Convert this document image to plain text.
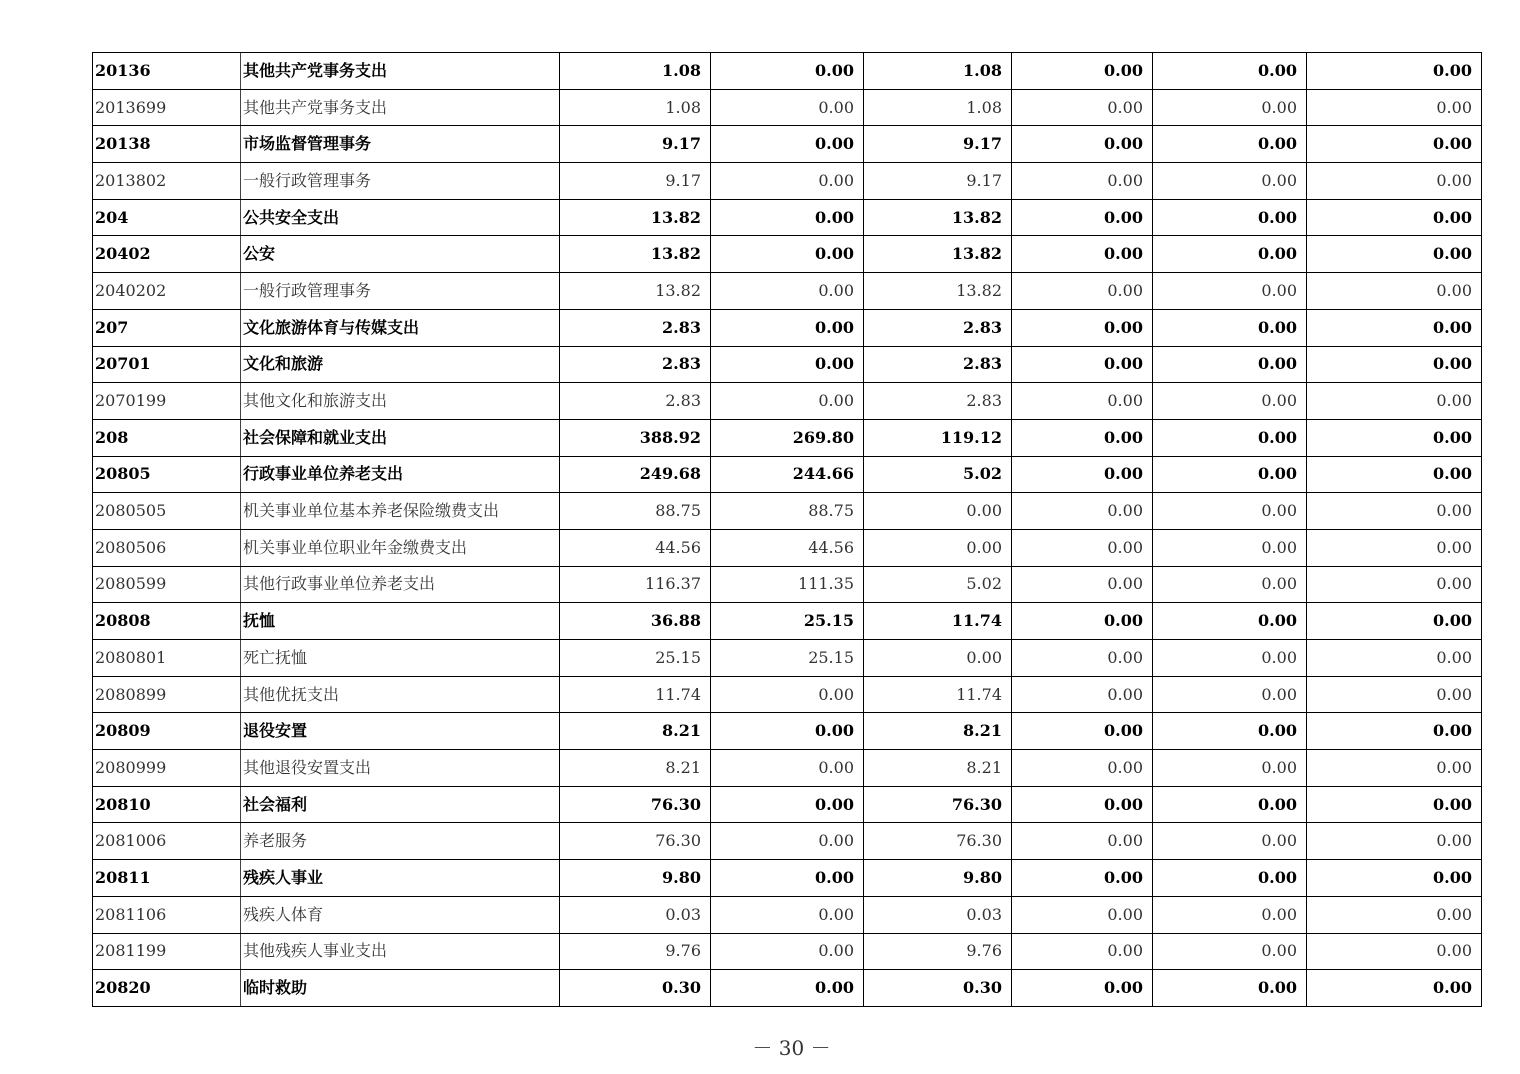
20136	其他共产党事务支出	1.08	0.00	1.08	0.00	0.00	0.00
2013699	其他共产党事务支出	1.08	0.00	1.08	0.00	0.00	0.00
20138	市场监督管理事务	9.17	0.00	9.17	0.00	0.00	0.00
2013802	一般行政管理事务	9.17	0.00	9.17	0.00	0.00	0.00
204	公共安全支出	13.82	0.00	13.82	0.00	0.00	0.00
20402	公安	13.82	0.00	13.82	0.00	0.00	0.00
2040202	一般行政管理事务	13.82	0.00	13.82	0.00	0.00	0.00
207	文化旅游体育与传媒支出	2.83	0.00	2.83	0.00	0.00	0.00
20701	文化和旅游	2.83	0.00	2.83	0.00	0.00	0.00
2070199	其他文化和旅游支出	2.83	0.00	2.83	0.00	0.00	0.00
208	社会保障和就业支出	388.92	269.80	119.12	0.00	0.00	0.00
20805	行政事业单位养老支出	249.68	244.66	5.02	0.00	0.00	0.00
2080505	机关事业单位基本养老保险缴费支出	88.75	88.75	0.00	0.00	0.00	0.00
2080506	机关事业单位职业年金缴费支出	44.56	44.56	0.00	0.00	0.00	0.00
2080599	其他行政事业单位养老支出	116.37	111.35	5.02	0.00	0.00	0.00
20808	抚恤	36.88	25.15	11.74	0.00	0.00	0.00
2080801	死亡抚恤	25.15	25.15	0.00	0.00	0.00	0.00
2080899	其他优抚支出	11.74	0.00	11.74	0.00	0.00	0.00
20809	退役安置	8.21	0.00	8.21	0.00	0.00	0.00
2080999	其他退役安置支出	8.21	0.00	8.21	0.00	0.00	0.00
20810	社会福利	76.30	0.00	76.30	0.00	0.00	0.00
2081006	养老服务	76.30	0.00	76.30	0.00	0.00	0.00
20811	残疾人事业	9.80	0.00	9.80	0.00	0.00	0.00
2081106	残疾人体育	0.03	0.00	0.03	0.00	0.00	0.00
2081199	其他残疾人事业支出	9.76	0.00	9.76	0.00	0.00	0.00
20820	临时救助	0.30	0.00	0.30	0.00	0.00	0.00
－ 30 －
